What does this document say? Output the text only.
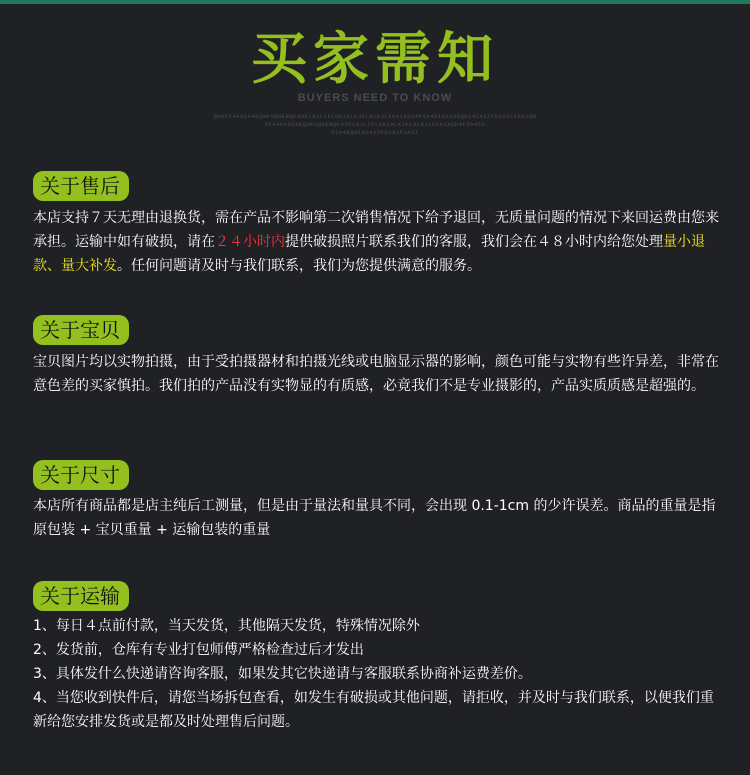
买家需知
BUYERS NEED TO KNOW
QWRFFAFADFAEQWFGQWERQFADFLAJLIFLDKJALKJFLALKJLFKA1ASD4F5A451D2A5EQW142412FD1A2F1A21QW
RFFAFADFAEQWFGQWERQFADFLAJLIFLDKJALKJFLALKJLFKA1ASD4F5A451
D2A4EQW142412FD1A2F1A21
关于售后

本店支持７天无理由退换货，需在产品不影响第二次销售情况下给予退回，无质量问题的情况下来回运费由您来承担。运输中如有破损，请在２４小时内提供破损照片联系我们的客服，我们会在４８小时内给您处理量小退款、量大补发。任何问题请及时与我们联系，我们为您提供满意的服务。

关于宝贝

宝贝图片均以实物拍摄，由于受拍摄器材和拍摄光线或电脑显示器的影响，颜色可能与实物有些许异差，非常在意色差的买家慎拍。我们拍的产品没有实物显的有质感，必竟我们不是专业摄影的，产品实质质感是超强的。

关于尺寸

本店所有商品都是店主纯后工测量，但是由于量法和量具不同，会出现 0.1-1cm 的少许误差。商品的重量是指原包装 + 宝贝重量 + 运输包装的重量

关于运输

1、每日４点前付款，当天发货，其他隔天发货，特殊情况除外

2、发货前，仓库有专业打包师傅严格检查过后才发出

3、具体发什么快递请咨询客服，如果发其它快递请与客服联系协商补运费差价。

4、当您收到快件后，请您当场拆包查看，如发生有破损或其他问题，请拒收，并及时与我们联系，以便我们重新给您安排发货或是都及时处理售后问题。
